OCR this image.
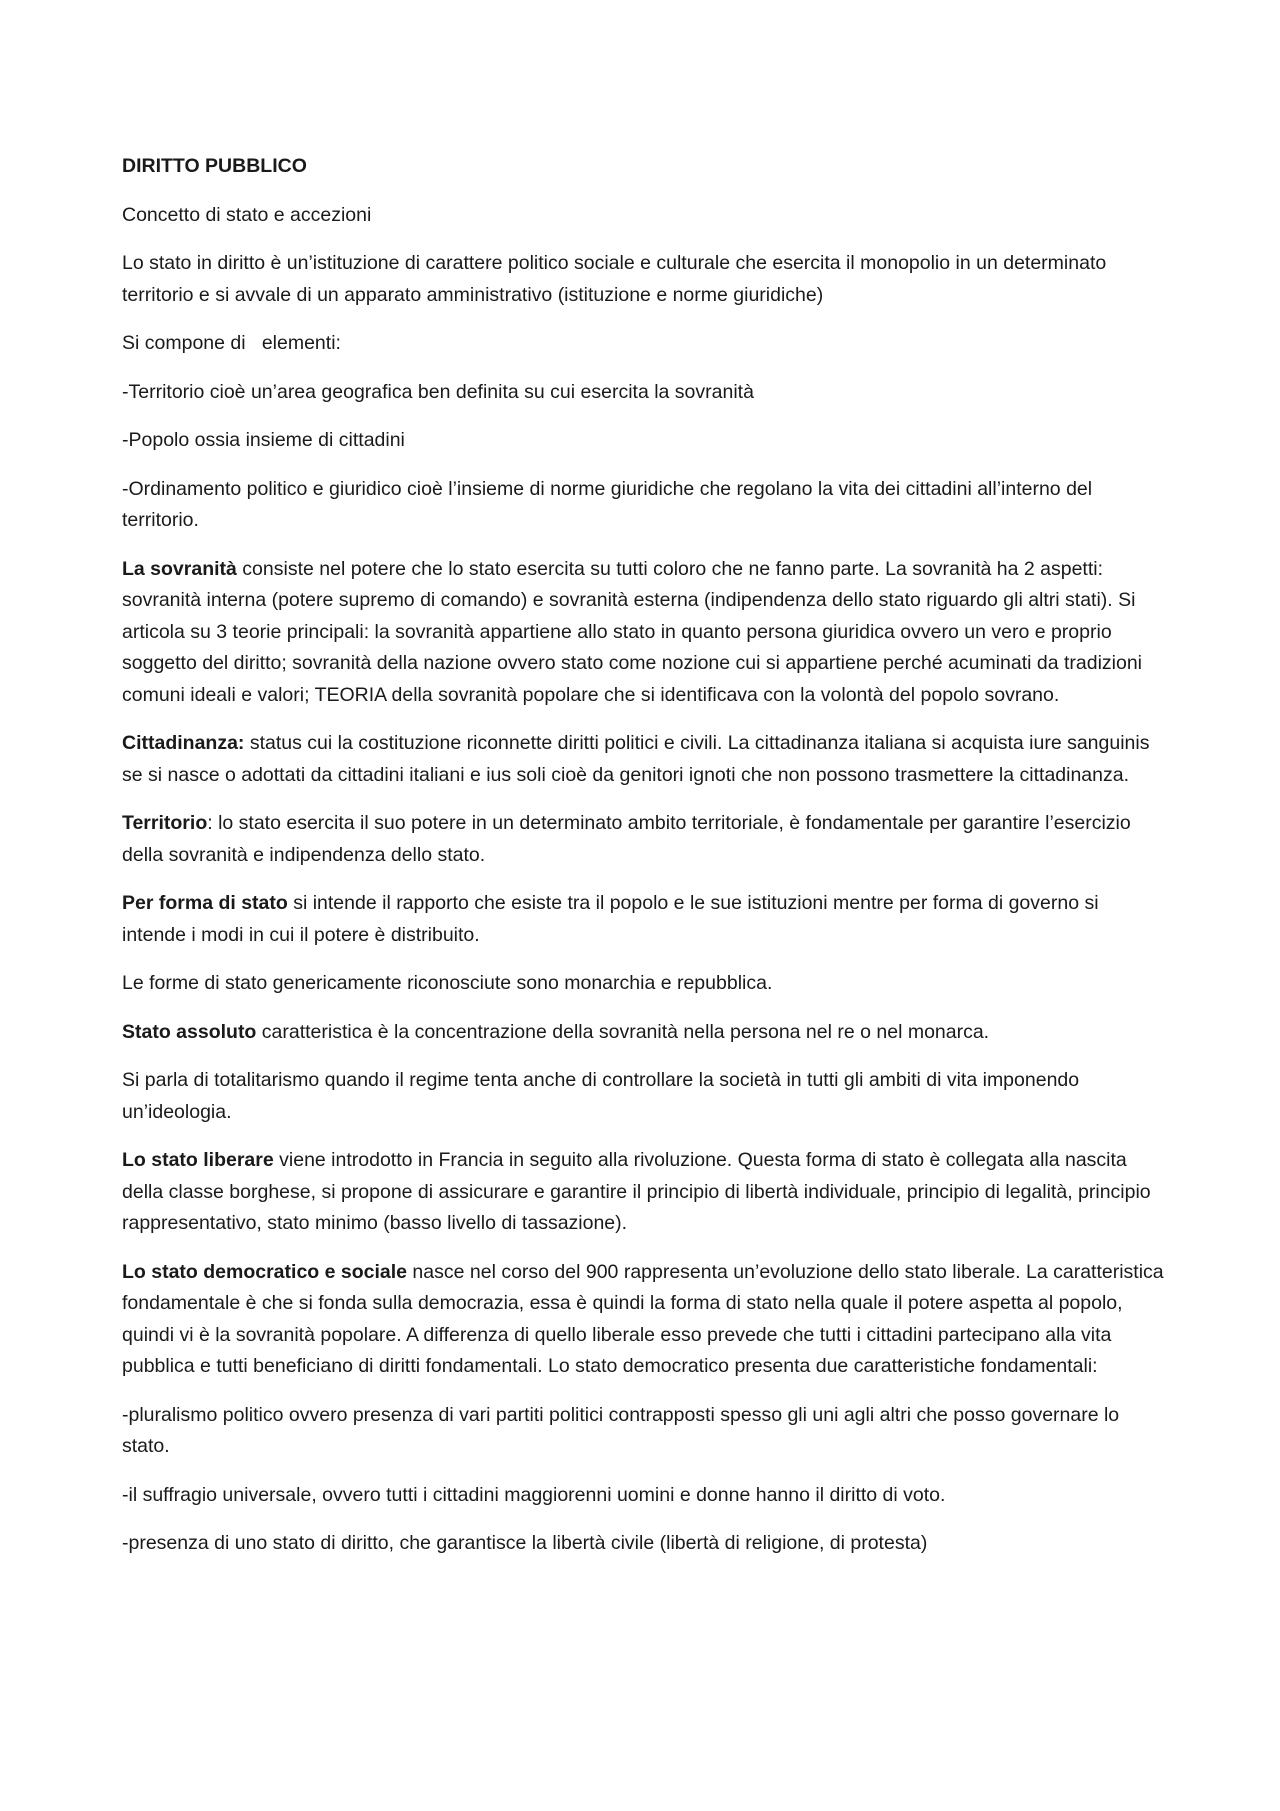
DIRITTO PUBBLICO

Concetto di stato e accezioni

Lo stato in diritto è un’istituzione di carattere politico sociale e culturale che esercita il monopolio in un determinato territorio e si avvale di un apparato amministrativo (istituzione e norme giuridiche)

Si compone di   elementi:

-Territorio cioè un’area geografica ben definita su cui esercita la sovranità

-Popolo ossia insieme di cittadini

-Ordinamento politico e giuridico cioè l’insieme di norme giuridiche che regolano la vita dei cittadini all’interno del territorio.

La sovranità consiste nel potere che lo stato esercita su tutti coloro che ne fanno parte. La sovranità ha 2 aspetti: sovranità interna (potere supremo di comando) e sovranità esterna (indipendenza dello stato riguardo gli altri stati). Si articola su 3 teorie principali: la sovranità appartiene allo stato in quanto persona giuridica ovvero un vero e proprio soggetto del diritto; sovranità della nazione ovvero stato come nozione cui si appartiene perché acuminati da tradizioni comuni ideali e valori; TEORIA della sovranità popolare che si identificava con la volontà del popolo sovrano.

Cittadinanza: status cui la costituzione riconnette diritti politici e civili. La cittadinanza italiana si acquista iure sanguinis se si nasce o adottati da cittadini italiani e ius soli cioè da genitori ignoti che non possono trasmettere la cittadinanza.

Territorio: lo stato esercita il suo potere in un determinato ambito territoriale, è fondamentale per garantire l’esercizio della sovranità e indipendenza dello stato.

Per forma di stato si intende il rapporto che esiste tra il popolo e le sue istituzioni mentre per forma di governo si intende i modi in cui il potere è distribuito.

Le forme di stato genericamente riconosciute sono monarchia e repubblica.

Stato assoluto caratteristica è la concentrazione della sovranità nella persona nel re o nel monarca.

Si parla di totalitarismo quando il regime tenta anche di controllare la società in tutti gli ambiti di vita imponendo un’ideologia.

Lo stato liberare viene introdotto in Francia in seguito alla rivoluzione. Questa forma di stato è collegata alla nascita della classe borghese, si propone di assicurare e garantire il principio di libertà individuale, principio di legalità, principio rappresentativo, stato minimo (basso livello di tassazione).

Lo stato democratico e sociale nasce nel corso del 900 rappresenta un’evoluzione dello stato liberale. La caratteristica fondamentale è che si fonda sulla democrazia, essa è quindi la forma di stato nella quale il potere aspetta al popolo, quindi vi è la sovranità popolare. A differenza di quello liberale esso prevede che tutti i cittadini partecipano alla vita pubblica e tutti beneficiano di diritti fondamentali. Lo stato democratico presenta due caratteristiche fondamentali:

-pluralismo politico ovvero presenza di vari partiti politici contrapposti spesso gli uni agli altri che posso governare lo stato.

-il suffragio universale, ovvero tutti i cittadini maggiorenni uomini e donne hanno il diritto di voto.

-presenza di uno stato di diritto, che garantisce la libertà civile (libertà di religione, di protesta)
